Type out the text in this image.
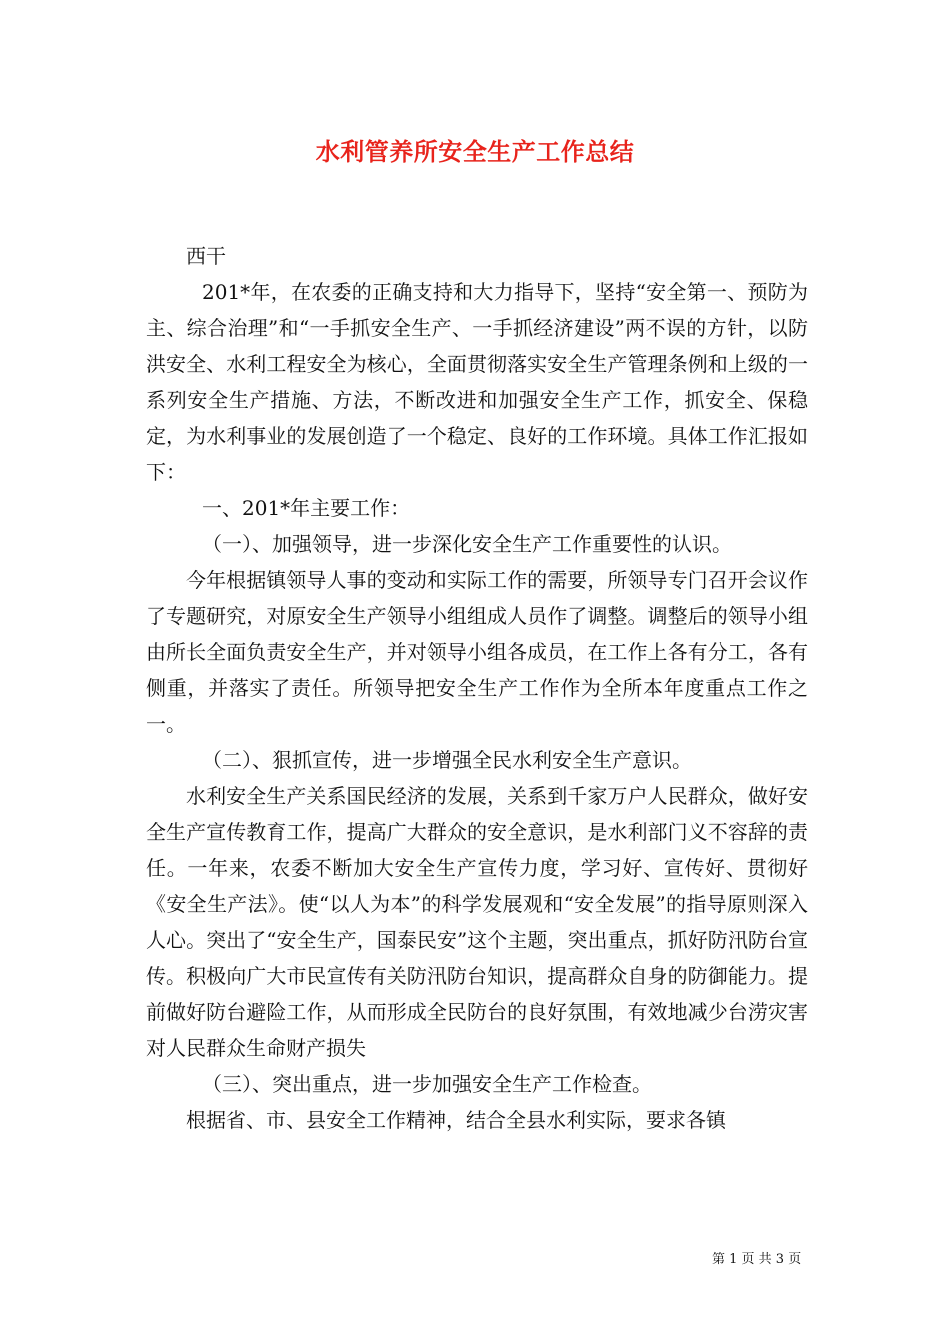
水利管养所安全生产工作总结

西干

201*年，在农委的正确支持和大力指导下，坚持“安全第一、预防为主、综合治理”和“一手抓安全生产、一手抓经济建设”两不误的方针，以防洪安全、水利工程安全为核心，全面贯彻落实安全生产管理条例和上级的一系列安全生产措施、方法，不断改进和加强安全生产工作，抓安全、保稳定，为水利事业的发展创造了一个稳定、良好的工作环境。具体工作汇报如下：

一、201*年主要工作：

（一）、加强领导，进一步深化安全生产工作重要性的认识。

今年根据镇领导人事的变动和实际工作的需要，所领导专门召开会议作了专题研究，对原安全生产领导小组组成人员作了调整。调整后的领导小组由所长全面负责安全生产，并对领导小组各成员，在工作上各有分工，各有侧重，并落实了责任。所领导把安全生产工作作为全所本年度重点工作之一。

（二）、狠抓宣传，进一步增强全民水利安全生产意识。

水利安全生产关系国民经济的发展，关系到千家万户人民群众，做好安全生产宣传教育工作，提高广大群众的安全意识，是水利部门义不容辞的责任。一年来，农委不断加大安全生产宣传力度，学习好、宣传好、贯彻好《安全生产法》。使“以人为本”的科学发展观和“安全发展”的指导原则深入人心。突出了“安全生产，国泰民安”这个主题，突出重点，抓好防汛防台宣传。积极向广大市民宣传有关防汛防台知识，提高群众自身的防御能力。提前做好防台避险工作，从而形成全民防台的良好氛围，有效地减少台涝灾害对人民群众生命财产损失

（三）、突出重点，进一步加强安全生产工作检查。

根据省、市、县安全工作精神，结合全县水利实际，要求各镇

第 1 页 共 3 页
